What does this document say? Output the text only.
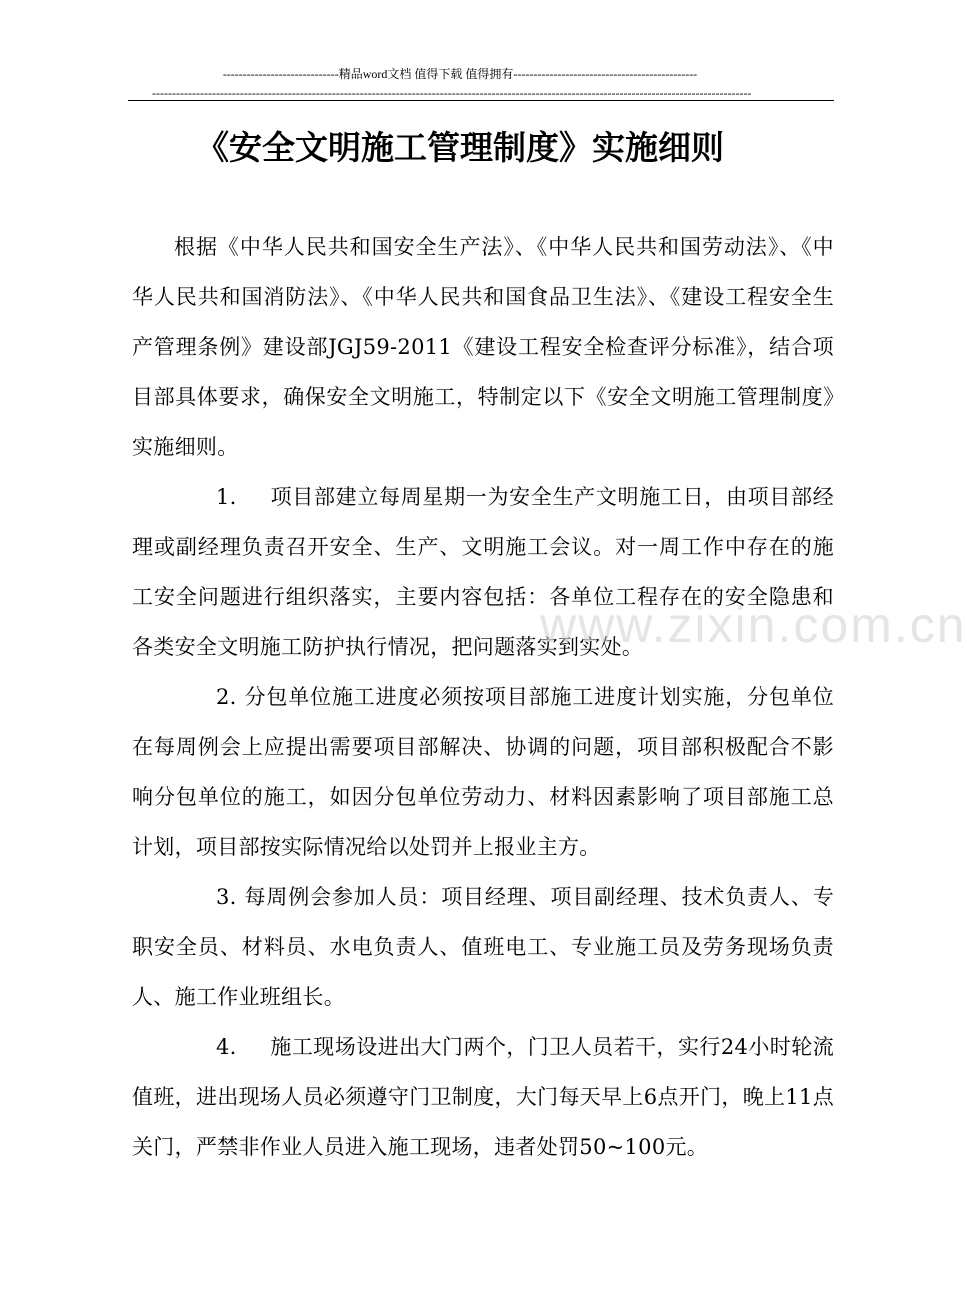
-----------------------------精品word文档 值得下载 值得拥有----------------------------------------------
------------------------------------------------------------------------------------------------------------------------------------------------------
《安全文明施工管理制度》实施细则

根据《中华人民共和国安全生产法》、《中华人民共和国劳动法》、《中华人民共和国消防法》、《中华人民共和国食品卫生法》、《建设工程安全生产管理条例》建设部JGJ59-2011《建设工程安全检查评分标准》，结合项目部具体要求，确保安全文明施工，特制定以下《安全文明施工管理制度》实施细则。

1. 项目部建立每周星期一为安全生产文明施工日，由项目部经理或副经理负责召开安全、生产、文明施工会议。对一周工作中存在的施工安全问题进行组织落实，主要内容包括：各单位工程存在的安全隐患和各类安全文明施工防护执行情况，把问题落实到实处。

2. 分包单位施工进度必须按项目部施工进度计划实施，分包单位在每周例会上应提出需要项目部解决、协调的问题，项目部积极配合不影响分包单位的施工，如因分包单位劳动力、材料因素影响了项目部施工总计划，项目部按实际情况给以处罚并上报业主方。

3. 每周例会参加人员：项目经理、项目副经理、技术负责人、专职安全员、材料员、水电负责人、值班电工、专业施工员及劳务现场负责人、施工作业班组长。

4. 施工现场设进出大门两个，门卫人员若干，实行24小时轮流值班，进出现场人员必须遵守门卫制度，大门每天早上6点开门，晚上11点关门，严禁非作业人员进入施工现场，违者处罚50~100元。

www.zixin.com.cn
